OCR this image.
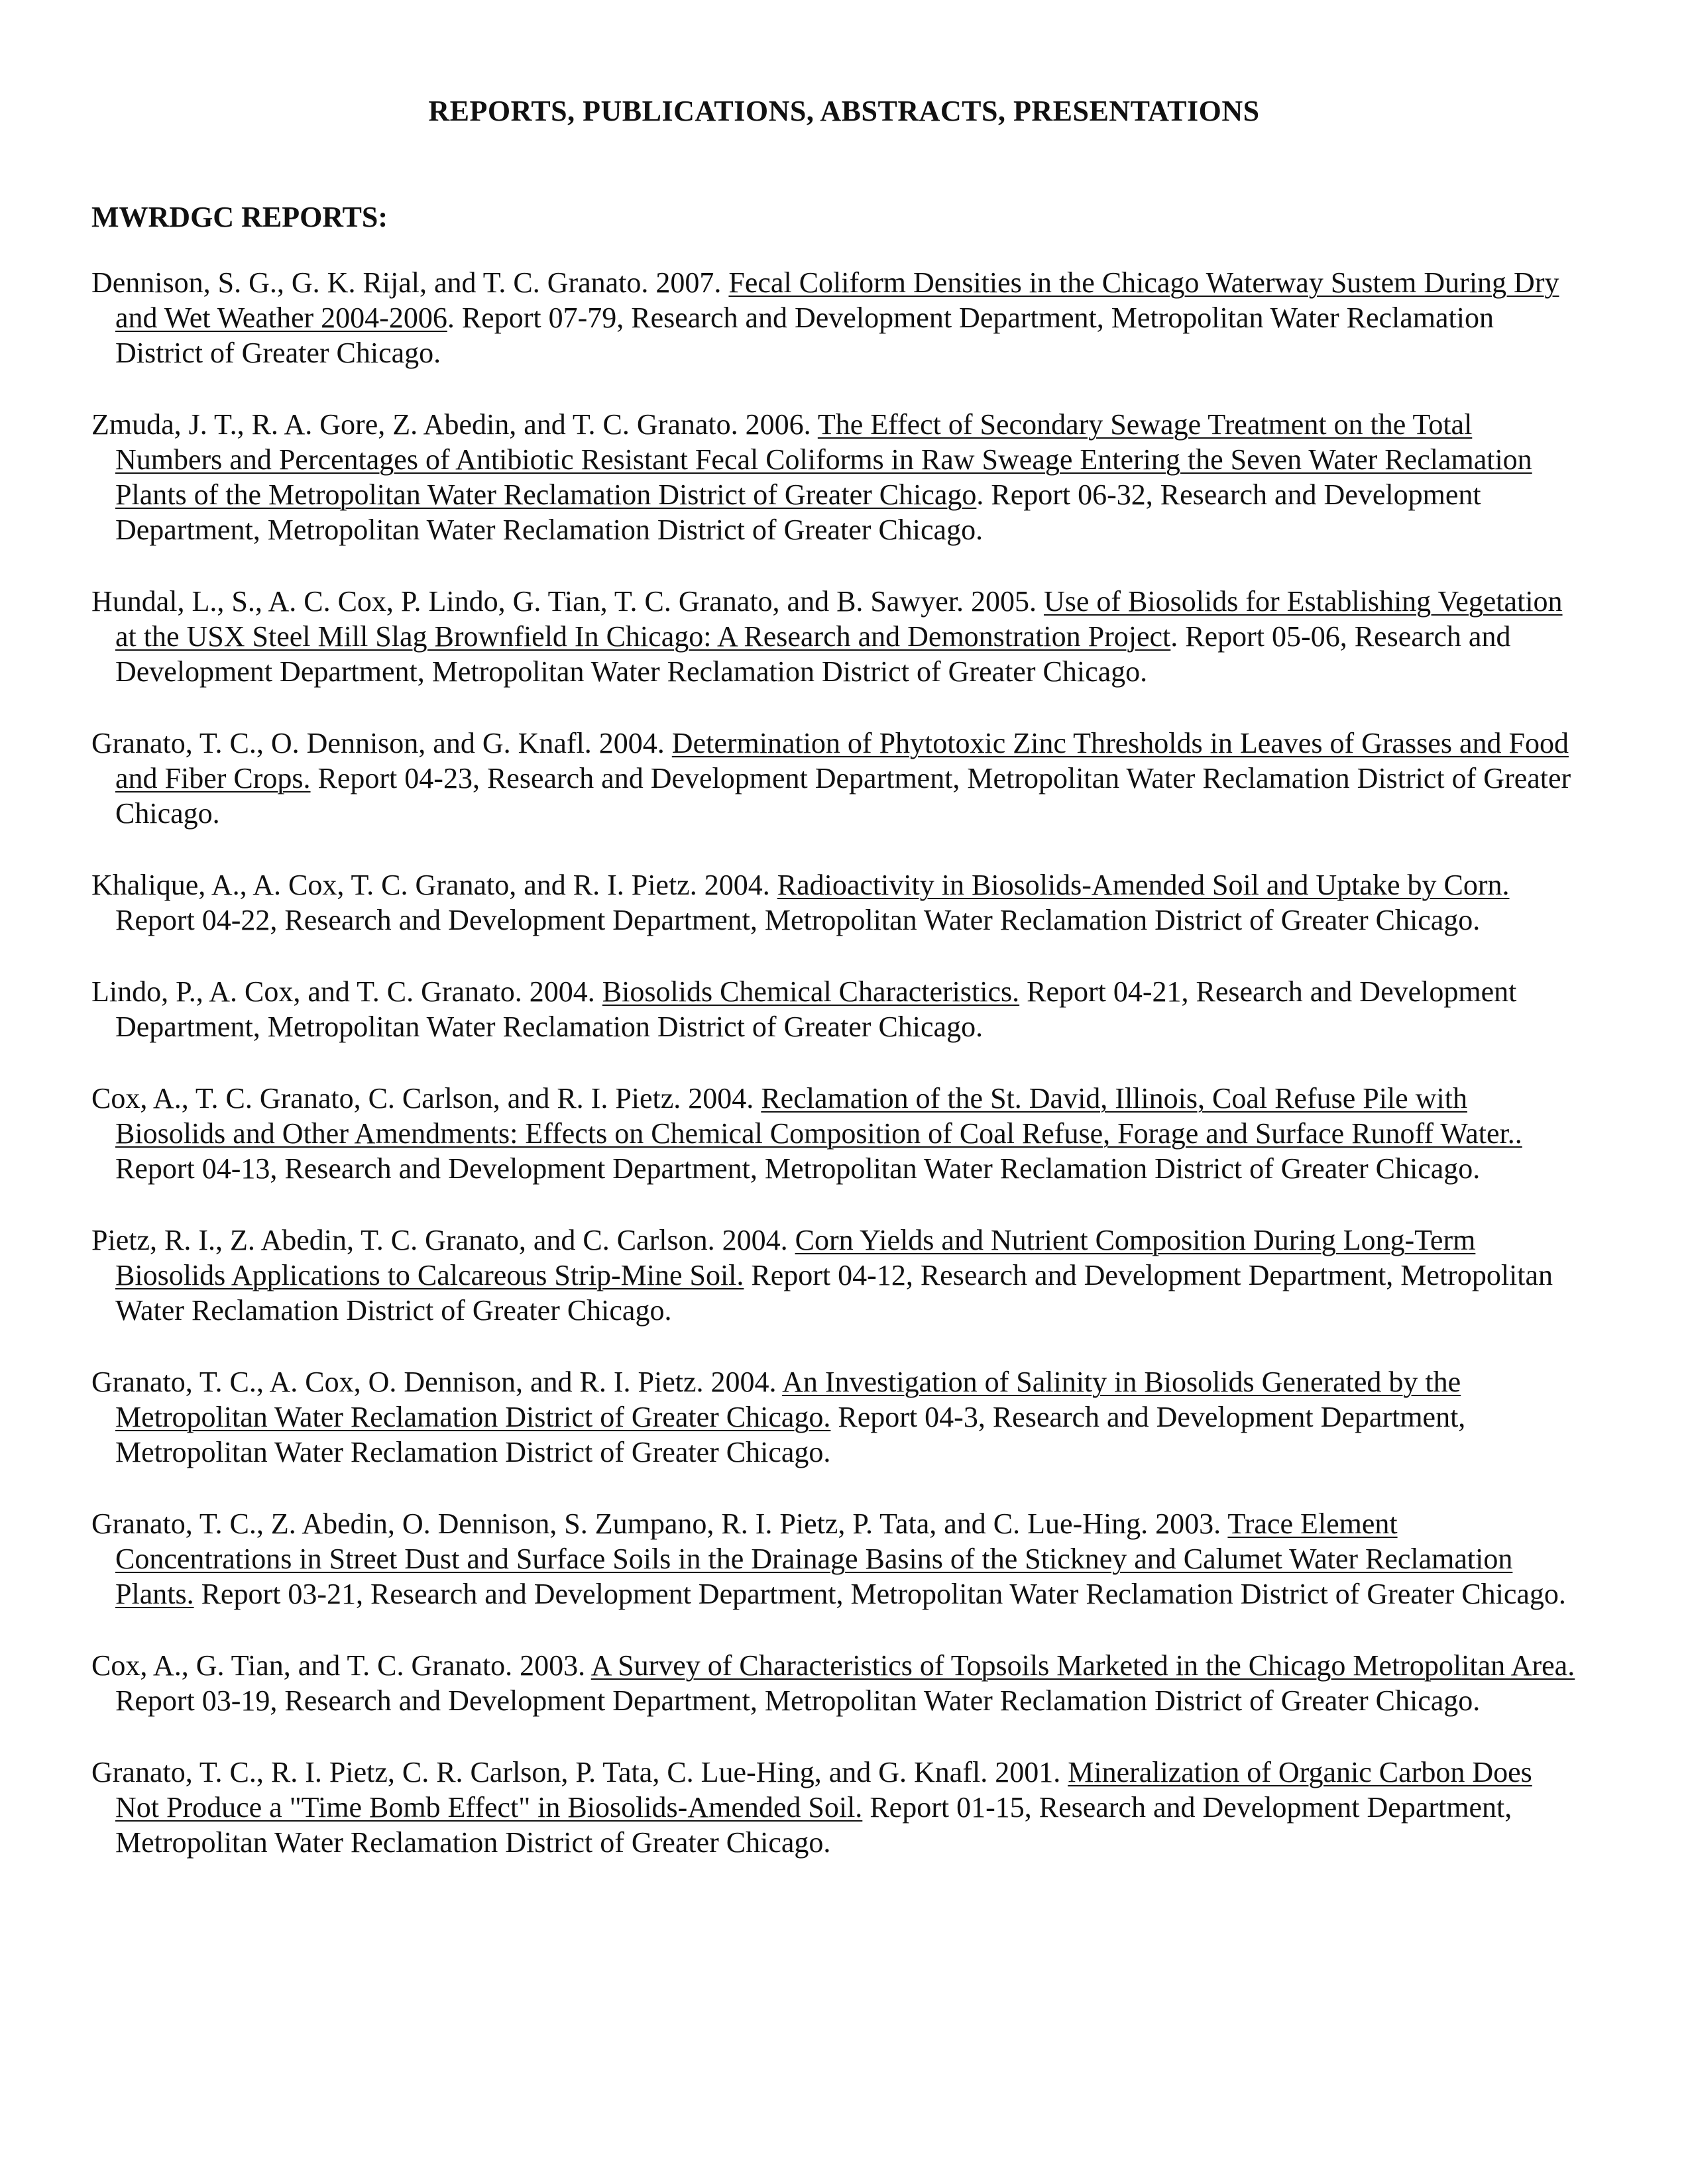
REPORTS, PUBLICATIONS, ABSTRACTS, PRESENTATIONS
MWRDGC REPORTS:

Dennison, S. G., G. K. Rijal, and T. C. Granato. 2007. Fecal Coliform Densities in the Chicago Waterway Sustem During Dry and Wet Weather 2004-2006. Report 07-79, Research and Development Department, Metropolitan Water Reclamation District of Greater Chicago.

Zmuda, J. T., R. A. Gore, Z. Abedin, and T. C. Granato. 2006. The Effect of Secondary Sewage Treatment on the Total Numbers and Percentages of Antibiotic Resistant Fecal Coliforms in Raw Sweage Entering the Seven Water Reclamation Plants of the Metropolitan Water Reclamation District of Greater Chicago. Report 06-32, Research and Development Department, Metropolitan Water Reclamation District of Greater Chicago.

Hundal, L., S., A. C. Cox, P. Lindo, G. Tian, T. C. Granato, and B. Sawyer. 2005. Use of Biosolids for Establishing Vegetation at the USX Steel Mill Slag Brownfield In Chicago: A Research and Demonstration Project. Report 05-06, Research and Development Department, Metropolitan Water Reclamation District of Greater Chicago.

Granato, T. C., O. Dennison, and G. Knafl. 2004. Determination of Phytotoxic Zinc Thresholds in Leaves of Grasses and Food and Fiber Crops. Report 04-23, Research and Development Department, Metropolitan Water Reclamation District of Greater Chicago.

Khalique, A., A. Cox, T. C. Granato, and R. I. Pietz. 2004. Radioactivity in Biosolids-Amended Soil and Uptake by Corn. Report 04-22, Research and Development Department, Metropolitan Water Reclamation District of Greater Chicago.

Lindo, P., A. Cox, and T. C. Granato. 2004. Biosolids Chemical Characteristics. Report 04-21, Research and Development Department, Metropolitan Water Reclamation District of Greater Chicago.

Cox, A., T. C. Granato, C. Carlson, and R. I. Pietz. 2004. Reclamation of the St. David, Illinois, Coal Refuse Pile with Biosolids and Other Amendments: Effects on Chemical Composition of Coal Refuse, Forage and Surface Runoff Water.. Report 04-13, Research and Development Department, Metropolitan Water Reclamation District of Greater Chicago.

Pietz, R. I., Z. Abedin, T. C. Granato, and C. Carlson. 2004. Corn Yields and Nutrient Composition During Long-Term Biosolids Applications to Calcareous Strip-Mine Soil. Report 04-12, Research and Development Department, Metropolitan Water Reclamation District of Greater Chicago.

Granato, T. C., A. Cox, O. Dennison, and R. I. Pietz. 2004. An Investigation of Salinity in Biosolids Generated by the Metropolitan Water Reclamation District of Greater Chicago. Report 04-3, Research and Development Department, Metropolitan Water Reclamation District of Greater Chicago.

Granato, T. C., Z. Abedin, O. Dennison, S. Zumpano, R. I. Pietz, P. Tata, and C. Lue-Hing. 2003. Trace Element Concentrations in Street Dust and Surface Soils in the Drainage Basins of the Stickney and Calumet Water Reclamation Plants. Report 03-21, Research and Development Department, Metropolitan Water Reclamation District of Greater Chicago.

Cox, A., G. Tian, and T. C. Granato. 2003. A Survey of Characteristics of Topsoils Marketed in the Chicago Metropolitan Area. Report 03-19, Research and Development Department, Metropolitan Water Reclamation District of Greater Chicago.

Granato, T. C., R. I. Pietz, C. R. Carlson, P. Tata, C. Lue-Hing, and G. Knafl. 2001. Mineralization of Organic Carbon Does Not Produce a "Time Bomb Effect" in Biosolids-Amended Soil. Report 01-15, Research and Development Department, Metropolitan Water Reclamation District of Greater Chicago.
